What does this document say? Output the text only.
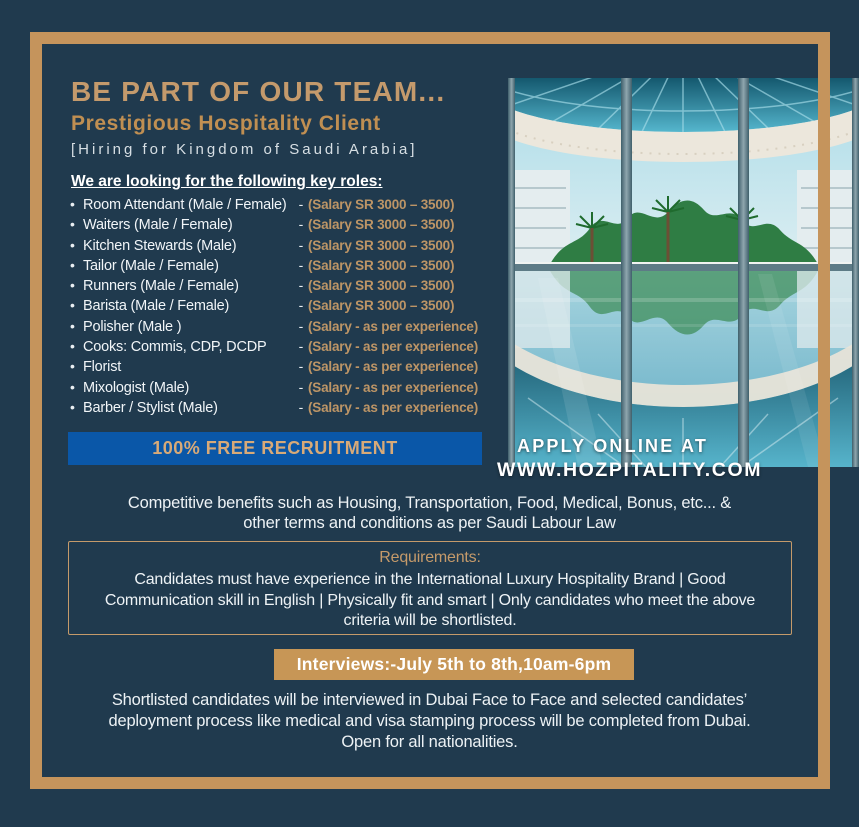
BE PART OF OUR TEAM...
Prestigious Hospitality Client
[Hiring for Kingdom of Saudi Arabia]
We are looking for the following key roles:
• Room Attendant (Male / Female) - (Salary SR 3000 – 3500)
• Waiters (Male / Female)	- (Salary SR 3000 – 3500)
• Kitchen Stewards (Male)	- (Salary SR 3000 – 3500)
• Tailor (Male / Female)	- (Salary SR 3000 – 3500)
• Runners (Male / Female)	- (Salary SR 3000 – 3500)
• Barista (Male / Female)	- (Salary SR 3000 – 3500)
• Polisher (Male )	- (Salary - as per experience)
• Cooks: Commis, CDP, DCDP	- (Salary - as per experience)
• Florist	- (Salary - as per experience)
• Mixologist (Male)	- (Salary - as per experience)
• Barber / Stylist (Male)	- (Salary - as per experience)
100% FREE RECRUITMENT	APPLY ONLINE AT
WWW.HOZPITALITY.COM
Competitive benefits such as Housing, Transportation, Food, Medical, Bonus, etc... &
other terms and conditions as per Saudi Labour Law
Requirements:
Candidates must have experience in the International Luxury Hospitality Brand | Good
Communication skill in English | Physically fit and smart | Only candidates who meet the above
criteria will be shortlisted.
Interviews:-July 5th to 8th,10am-6pm
Shortlisted candidates will be interviewed in Dubai Face to Face and selected candidates’
deployment process like medical and visa stamping process will be completed from Dubai.
Open for all nationalities.
